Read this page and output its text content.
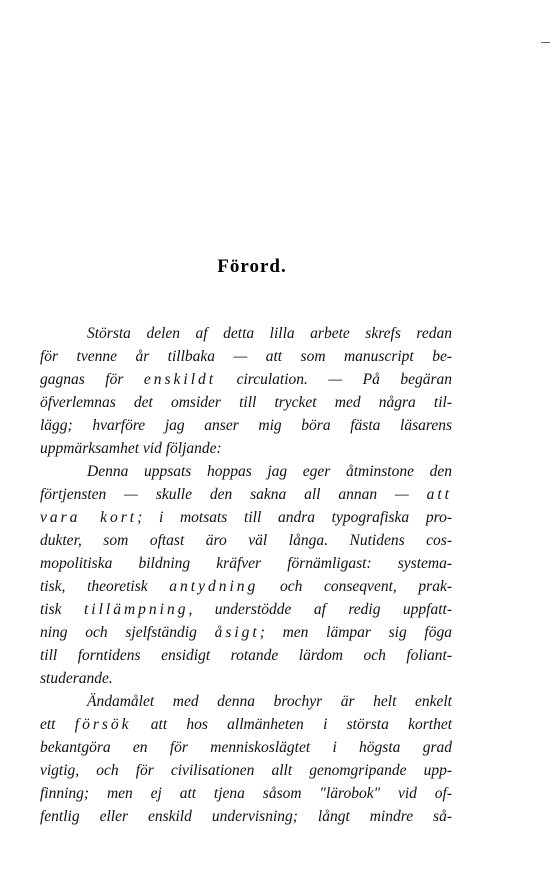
Förord.
Största delen af detta lilla arbete skrefs redan
för tvenne år tillbaka — att som manuscript be-
gagnas för enskildt circulation. — På begäran
öfverlemnas det omsider till trycket med några til-
lägg; hvarföre jag anser mig böra fästa läsarens
uppmärksamhet vid följande:
Denna uppsats hoppas jag eger åtminstone den
förtjensten — skulle den sakna all annan — att
vara kort; i motsats till andra typografiska pro-
dukter, som oftast äro väl långa. Nutidens cos-
mopolitiska bildning kräfver förnämligast: systema-
tisk, theoretisk antydning och conseqvent, prak-
tisk tillämpning, understödde af redig uppfatt-
ning och sjelfständig åsigt; men lämpar sig föga
till forntidens ensidigt rotande lärdom och foliant-
studerande.
Ändamålet med denna brochyr är helt enkelt
ett försök att hos allmänheten i största korthet
bekantgöra en för menniskoslägtet i högsta grad
vigtig, och för civilisationen allt genomgripande upp-
finning; men ej att tjena såsom "lärobok" vid of-
fentlig eller enskild undervisning; långt mindre så-
